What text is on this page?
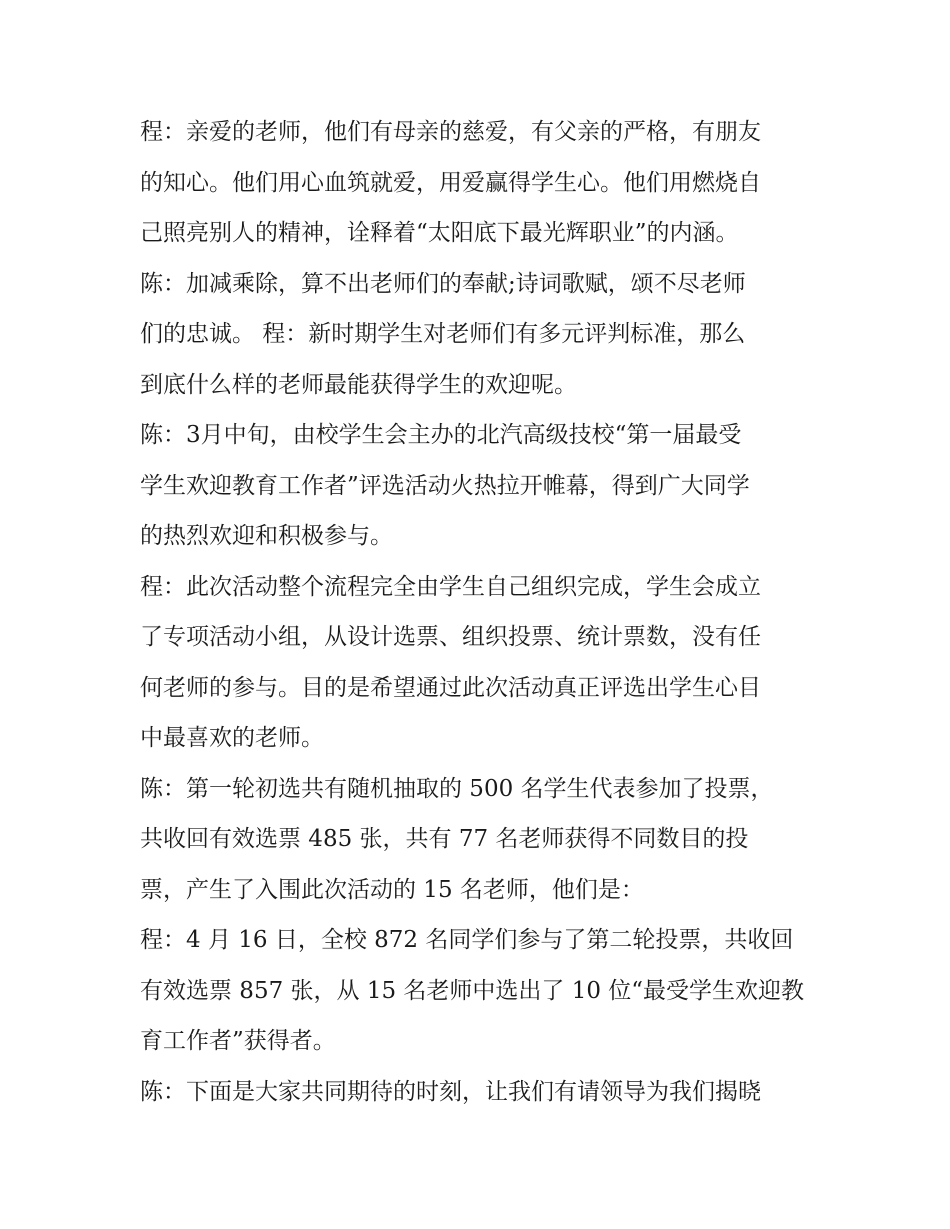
程：亲爱的老师，他们有母亲的慈爱，有父亲的严格，有朋友
的知心。他们用心血筑就爱，用爱赢得学生心。他们用燃烧自
己照亮别人的精神，诠释着“太阳底下最光辉职业”的内涵。
陈：加减乘除，算不出老师们的奉献;诗词歌赋，颂不尽老师
们的忠诚。 程：新时期学生对老师们有多元评判标准，那么
到底什么样的老师最能获得学生的欢迎呢。
陈：3月中旬，由校学生会主办的北汽高级技校“第一届最受
学生欢迎教育工作者”评选活动火热拉开帷幕，得到广大同学
的热烈欢迎和积极参与。
程：此次活动整个流程完全由学生自己组织完成，学生会成立
了专项活动小组，从设计选票、组织投票、统计票数，没有任
何老师的参与。目的是希望通过此次活动真正评选出学生心目
中最喜欢的老师。
陈：第一轮初选共有随机抽取的 500 名学生代表参加了投票，
共收回有效选票 485 张，共有 77 名老师获得不同数目的投
票，产生了入围此次活动的 15 名老师，他们是：
程：4 月 16 日，全校 872 名同学们参与了第二轮投票，共收回
有效选票 857 张，从 15 名老师中选出了 10 位“最受学生欢迎教
育工作者”获得者。
陈：下面是大家共同期待的时刻，让我们有请领导为我们揭晓
